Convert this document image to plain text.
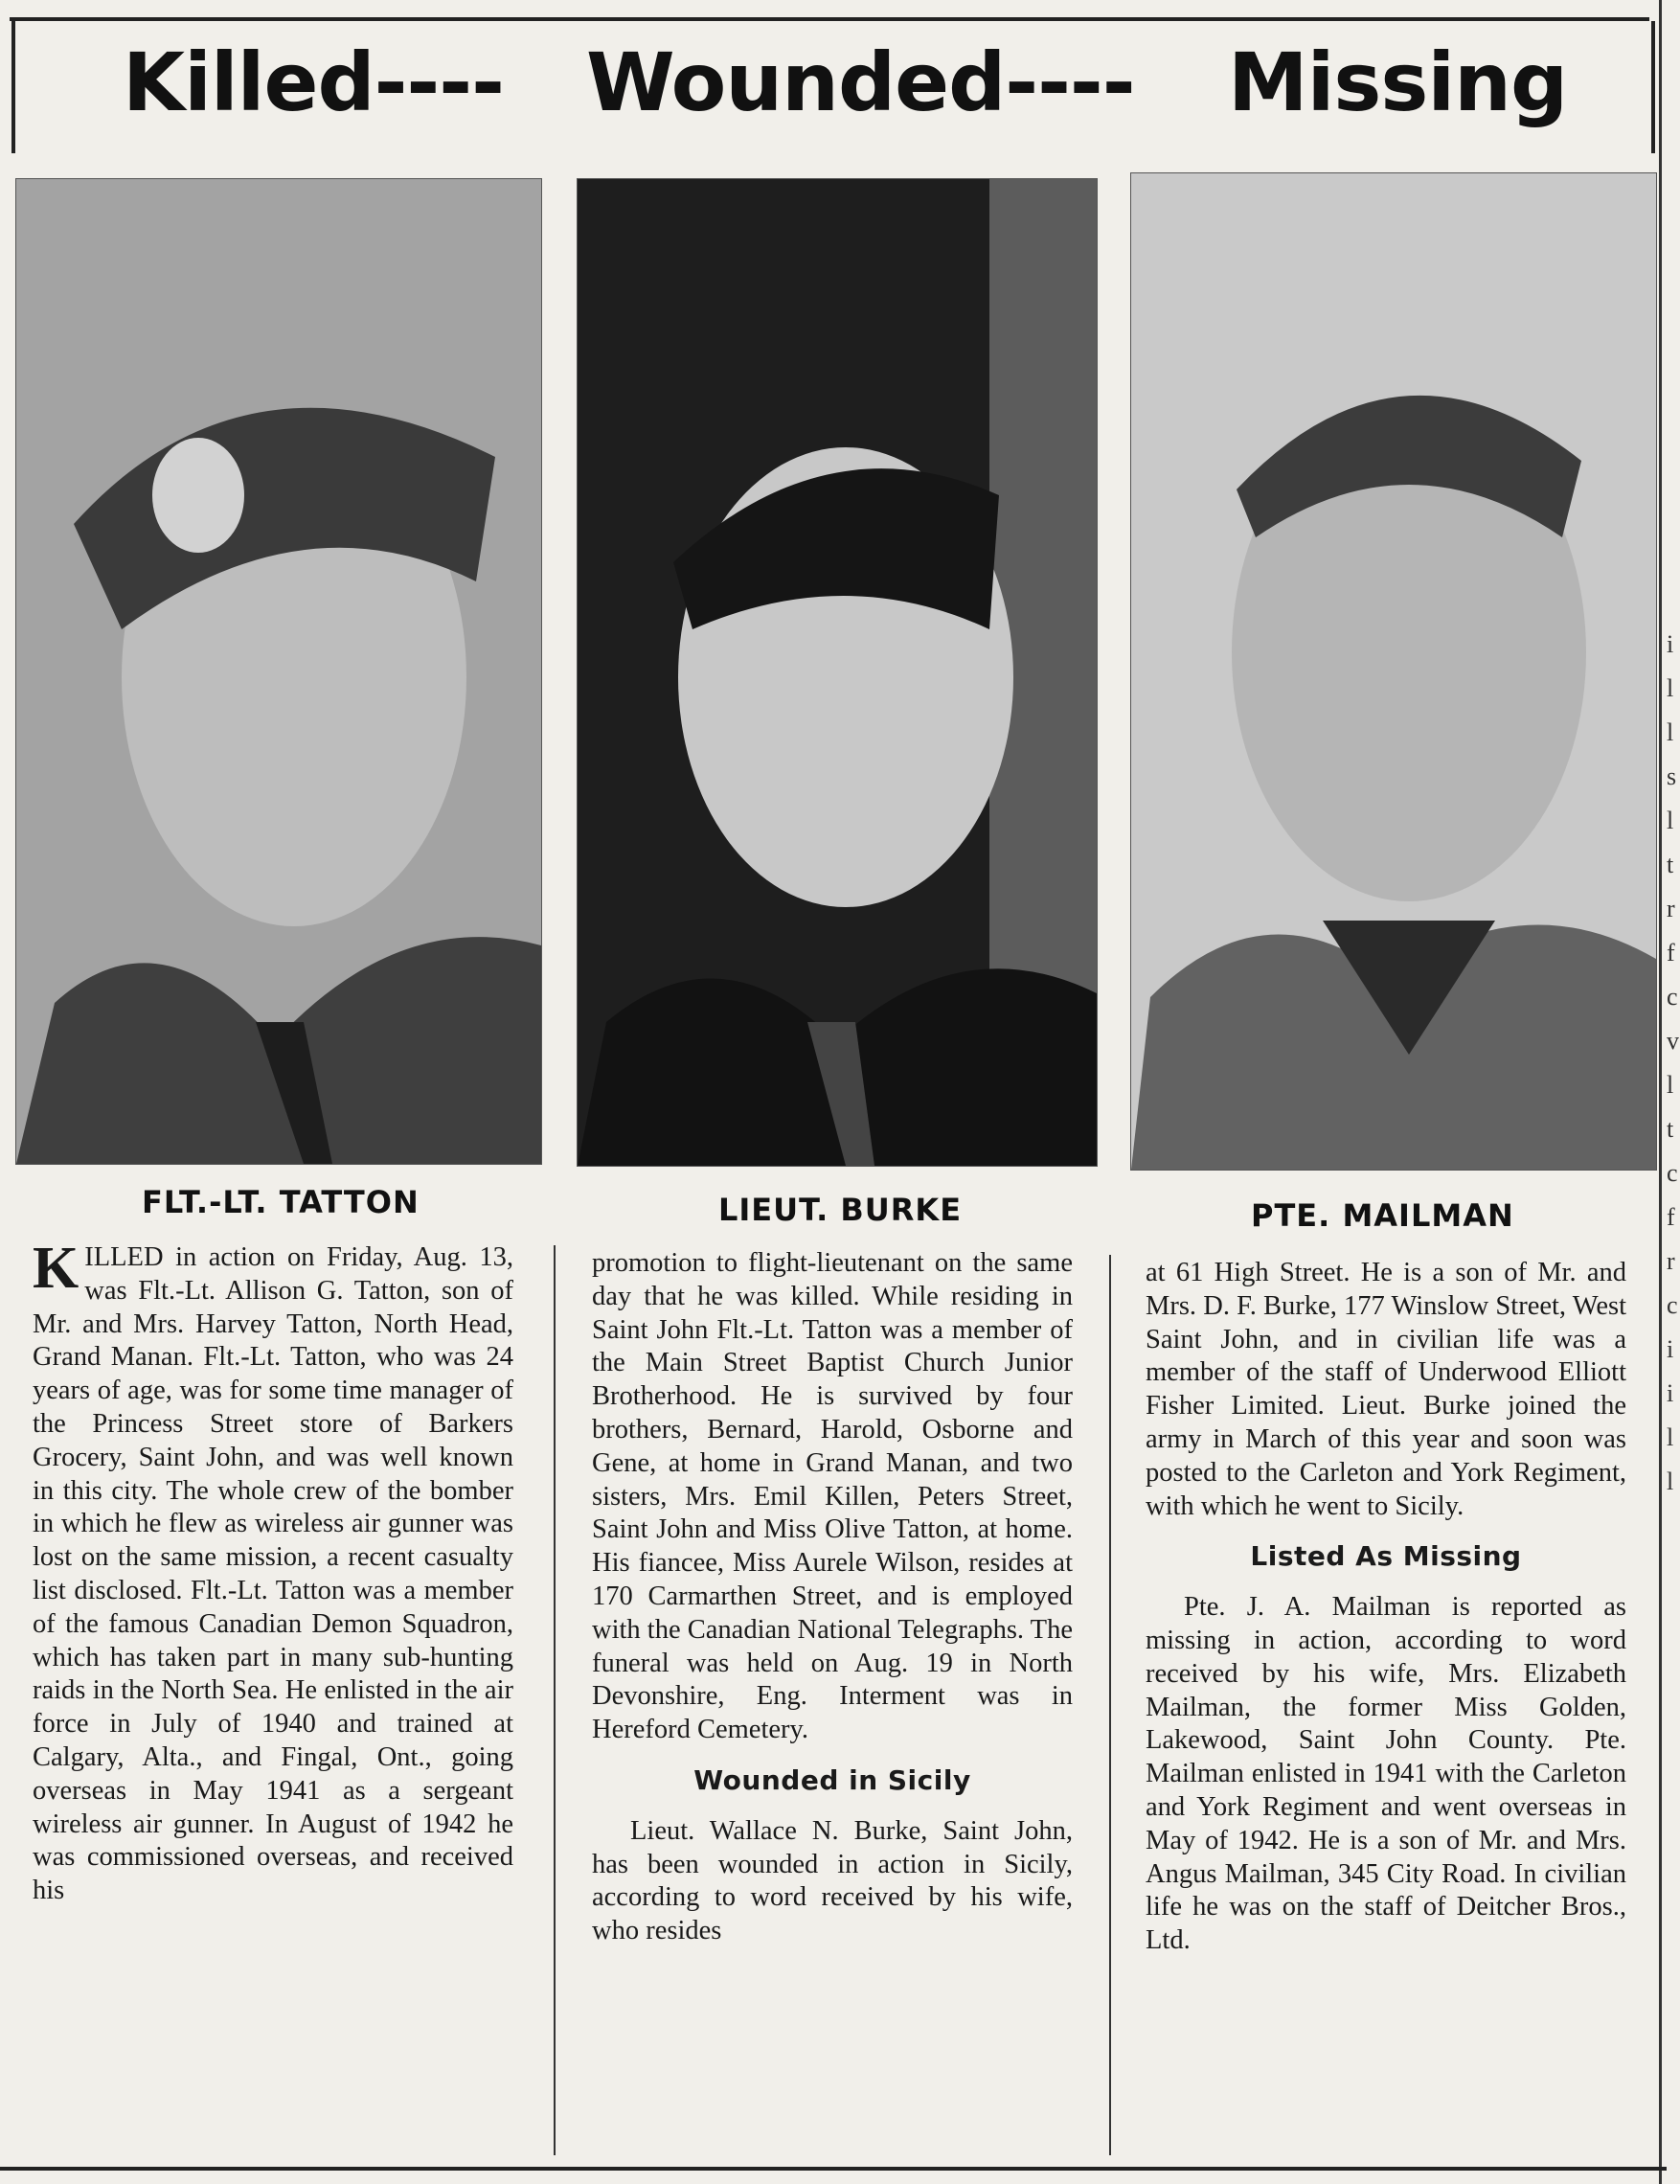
Killed---- Wounded---- Missing
FLT.-LT. TATTON	LIEUT. BURKE	PTE. MAILMAN

KILLED in action on Friday, Aug. 13, was Flt.-Lt. Allison G. Tatton, son of Mr. and Mrs. Harvey Tatton, North Head, Grand Manan. Flt.-Lt. Tatton, who was 24 years of age, was for some time manager of the Princess Street store of Barkers Grocery, Saint John, and was well known in this city. The whole crew of the bomber in which he flew as wireless air gunner was lost on the same mission, a recent casualty list disclosed. Flt.-Lt. Tatton was a member of the famous Canadian Demon Squadron, which has taken part in many sub-hunting raids in the North Sea. He enlisted in the air force in July of 1940 and trained at Calgary, Alta., and Fingal, Ont., going overseas in May 1941 as a sergeant wireless air gunner. In August of 1942 he was commissioned overseas, and received his

promotion to flight-lieutenant on the same day that he was killed. While residing in Saint John Flt.-Lt. Tatton was a member of the Main Street Baptist Church Junior Brotherhood. He is survived by four brothers, Bernard, Harold, Osborne and Gene, at home in Grand Manan, and two sisters, Mrs. Emil Killen, Peters Street, Saint John and Miss Olive Tatton, at home. His fiancee, Miss Aurele Wilson, resides at 170 Carmarthen Street, and is employed with the Canadian National Telegraphs. The funeral was held on Aug. 19 in North Devonshire, Eng. Interment was in Hereford Cemetery.

Wounded in Sicily

Lieut. Wallace N. Burke, Saint John, has been wounded in action in Sicily, according to word received by his wife, who resides

at 61 High Street. He is a son of Mr. and Mrs. D. F. Burke, 177 Winslow Street, West Saint John, and in civilian life was a member of the staff of Underwood Elliott Fisher Limited. Lieut. Burke joined the army in March of this year and soon was posted to the Carleton and York Regiment, with which he went to Sicily.

Listed As Missing

Pte. J. A. Mailman is reported as missing in action, according to word received by his wife, Mrs. Elizabeth Mailman, the former Miss Golden, Lakewood, Saint John County. Pte. Mailman enlisted in 1941 with the Carleton and York Regiment and went overseas in May of 1942. He is a son of Mr. and Mrs. Angus Mailman, 345 City Road. In civilian life he was on the staff of Deitcher Bros., Ltd.

i l l s l t r f c v l t c f r c i i l l
